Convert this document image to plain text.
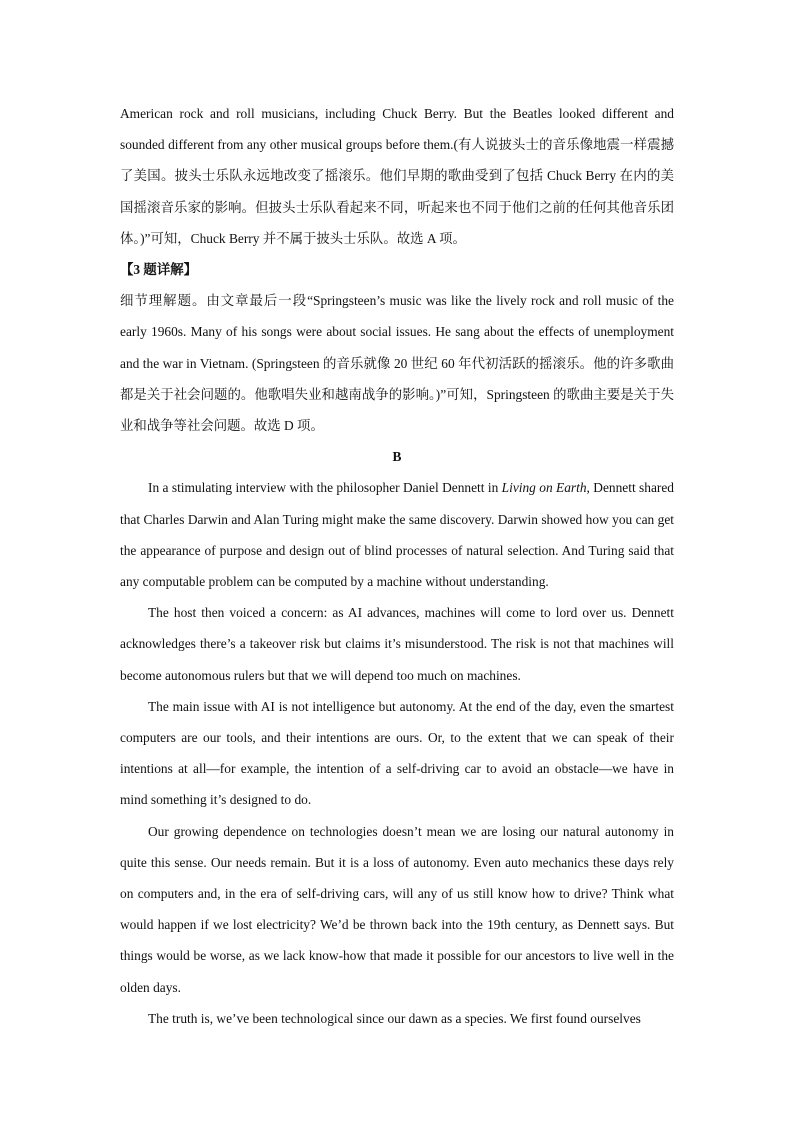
American rock and roll musicians, including Chuck Berry. But the Beatles looked different and sounded different from any other musical groups before them.(有人说披头士的音乐像地震一样震撼了美国。披头士乐队永远地改变了摇滚乐。他们早期的歌曲受到了包括 Chuck Berry 在内的美国摇滚音乐家的影响。但披头士乐队看起来不同，听起来也不同于他们之前的任何其他音乐团体。)”可知，Chuck Berry 并不属于披头士乐队。故选 A 项。

【3 题详解】

细节理解题。由文章最后一段“Springsteen’s music was like the lively rock and roll music of the early 1960s. Many of his songs were about social issues. He sang about the effects of unemployment and the war in Vietnam. (Springsteen 的音乐就像 20 世纪 60 年代初活跃的摇滚乐。他的许多歌曲都是关于社会问题的。他歌唱失业和越南战争的影响。)”可知，Springsteen 的歌曲主要是关于失业和战争等社会问题。故选 D 项。

B

In a stimulating interview with the philosopher Daniel Dennett in Living on Earth, Dennett shared that Charles Darwin and Alan Turing might make the same discovery. Darwin showed how you can get the appearance of purpose and design out of blind processes of natural selection. And Turing said that any computable problem can be computed by a machine without understanding.

The host then voiced a concern: as AI advances, machines will come to lord over us. Dennett acknowledges there’s a takeover risk but claims it’s misunderstood. The risk is not that machines will become autonomous rulers but that we will depend too much on machines.

The main issue with AI is not intelligence but autonomy. At the end of the day, even the smartest computers are our tools, and their intentions are ours. Or, to the extent that we can speak of their intentions at all—for example, the intention of a self-driving car to avoid an obstacle—we have in mind something it’s designed to do.

Our growing dependence on technologies doesn’t mean we are losing our natural autonomy in quite this sense. Our needs remain. But it is a loss of autonomy. Even auto mechanics these days rely on computers and, in the era of self-driving cars, will any of us still know how to drive? Think what would happen if we lost electricity? We’d be thrown back into the 19th century, as Dennett says. But things would be worse, as we lack know-how that made it possible for our ancestors to live well in the olden days.

The truth is, we’ve been technological since our dawn as a species. We first found ourselves
